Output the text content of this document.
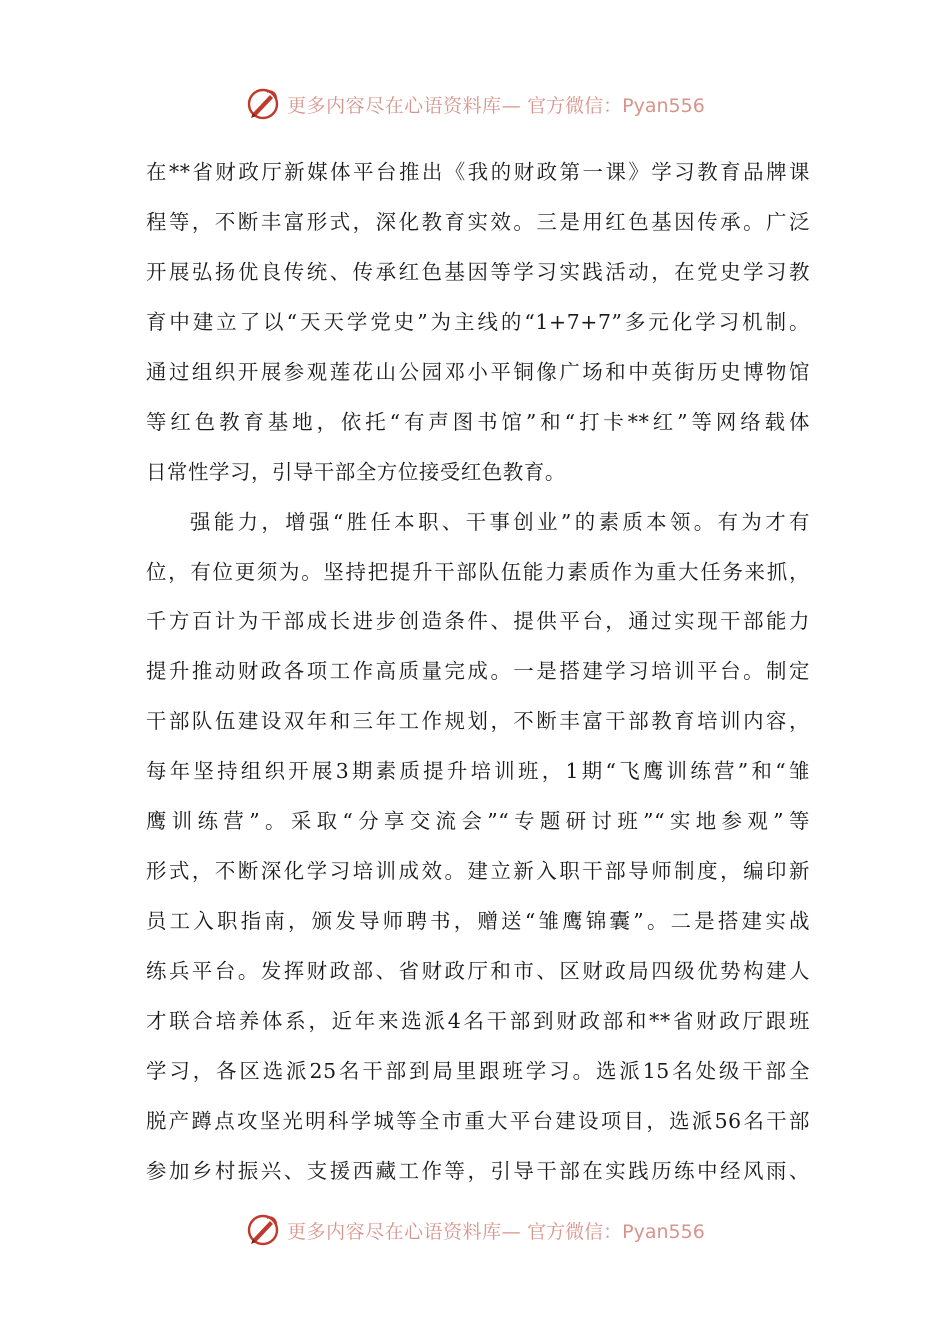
更多内容尽在心语资料库— 官方微信：Pyan556
在**省财政厅新媒体平台推出《我的财政第一课》学习教育品牌课
程等，不断丰富形式，深化教育实效。三是用红色基因传承。广泛
开展弘扬优良传统、传承红色基因等学习实践活动，在党史学习教
育中建立了以“天天学党史”为主线的“1+7+7”多元化学习机制。
通过组织开展参观莲花山公园邓小平铜像广场和中英街历史博物馆
等红色教育基地，依托“有声图书馆”和“打卡**红”等网络载体
日常性学习，引导干部全方位接受红色教育。
强能力，增强“胜任本职、干事创业”的素质本领。有为才有
位，有位更须为。坚持把提升干部队伍能力素质作为重大任务来抓，
千方百计为干部成长进步创造条件、提供平台，通过实现干部能力
提升推动财政各项工作高质量完成。一是搭建学习培训平台。制定
干部队伍建设双年和三年工作规划，不断丰富干部教育培训内容，
每年坚持组织开展3期素质提升培训班，1期“飞鹰训练营”和“雏
鹰训练营”。采取“分享交流会”“专题研讨班”“实地参观”等
形式，不断深化学习培训成效。建立新入职干部导师制度，编印新
员工入职指南，颁发导师聘书，赠送“雏鹰锦囊”。二是搭建实战
练兵平台。发挥财政部、省财政厅和市、区财政局四级优势构建人
才联合培养体系，近年来选派4名干部到财政部和**省财政厅跟班
学习，各区选派25名干部到局里跟班学习。选派15名处级干部全
脱产蹲点攻坚光明科学城等全市重大平台建设项目，选派56名干部
参加乡村振兴、支援西藏工作等，引导干部在实践历练中经风雨、
更多内容尽在心语资料库— 官方微信：Pyan556
